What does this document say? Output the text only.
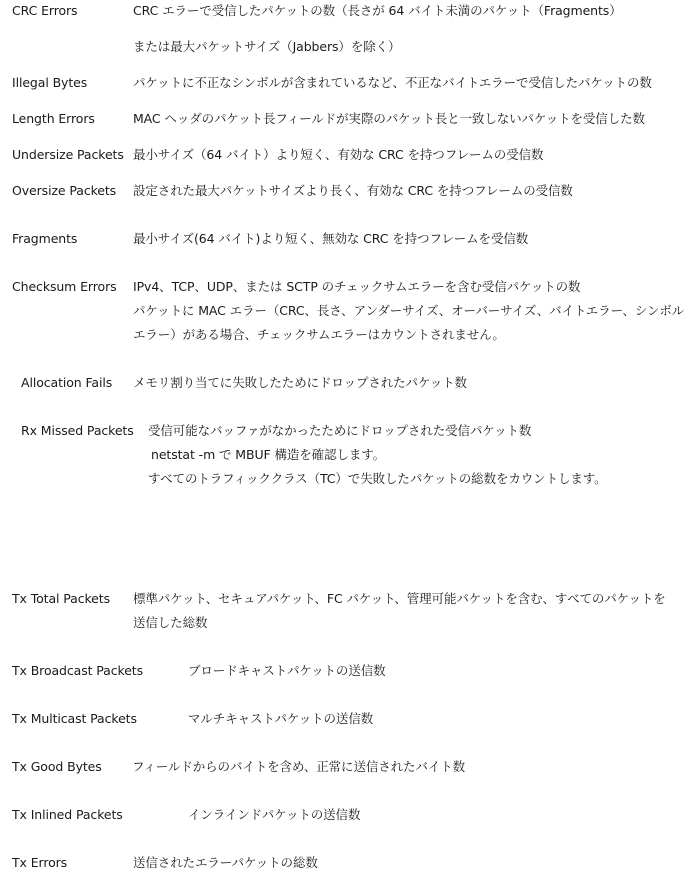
CRC Errors	CRC エラーで受信したパケットの数（長さが 64 バイト未満のパケット（Fragments）
または最大パケットサイズ（Jabbers）を除く）
Illegal Bytes	パケットに不正なシンボルが含まれているなど、不正なバイトエラーで受信したパケットの数
Length Errors	MAC ヘッダのパケット長フィールドが実際のパケット長と一致しないパケットを受信した数
Undersize Packets 最小サイズ（64 バイト）より短く、有効な CRC を持つフレームの受信数
Oversize Packets 設定された最大パケットサイズより長く、有効な CRC を持つフレームの受信数
Fragments	最小サイズ(64 バイト)より短く、無効な CRC を持つフレームを受信数
Checksum Errors IPv4、TCP、UDP、または SCTP のチェックサムエラーを含む受信パケットの数
パケットに MAC エラー（CRC、長さ、アンダーサイズ、オーバーサイズ、バイトエラー、シンボル
エラー）がある場合、チェックサムエラーはカウントされません。
Allocation Fails メモリ割り当てに失敗したためにドロップされたパケット数
Rx Missed Packets 受信可能なバッファがなかったためにドロップされた受信パケット数
netstat -m で MBUF 構造を確認します。
すべてのトラフィッククラス（TC）で失敗したパケットの総数をカウントします。
Tx Total Packets 標準パケット、セキュアパケット、FC パケット、管理可能パケットを含む、すべてのパケットを
送信した総数
Tx Broadcast Packets	ブロードキャストパケットの送信数
Tx Multicast Packets	マルチキャストパケットの送信数
Tx Good Bytes フィールドからのバイトを含め、正常に送信されたバイト数
Tx Inlined Packets	インラインドパケットの送信数
Tx Errors	送信されたエラーパケットの総数
